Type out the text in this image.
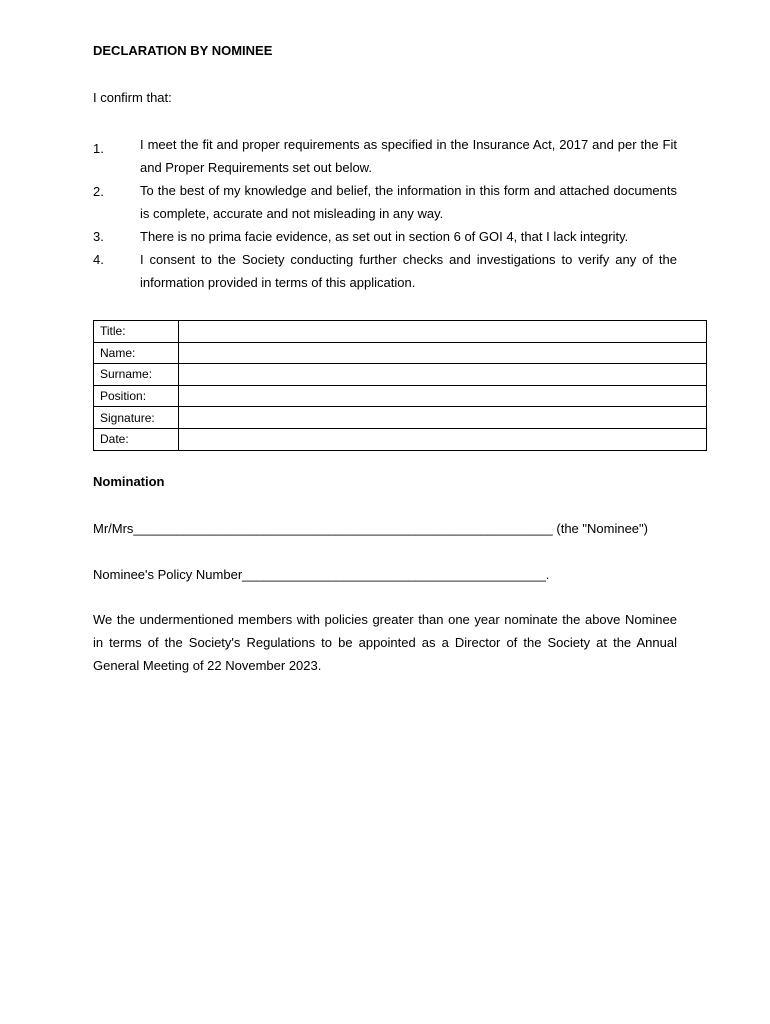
DECLARATION BY NOMINEE

I confirm that:

1.	I meet the fit and proper requirements as specified in the Insurance Act, 2017 and per the Fit and Proper Requirements set out below.
2.	To the best of my knowledge and belief, the information in this form and attached documents is complete, accurate and not misleading in any way.
3.	There is no prima facie evidence, as set out in section 6 of GOI 4, that I lack integrity.
4.	I consent to the Society conducting further checks and investigations to verify any of the information provided in terms of this application.
Title:	
Name:	
Surname:	
Position:	
Signature:	
Date:	

Nomination

Mr/Mrs__________________________________________________________ (the "Nominee")

Nominee's Policy Number__________________________________________.

We the undermentioned members with policies greater than one year nominate the above Nominee in terms of the Society's Regulations to be appointed as a Director of the Society at the Annual General Meeting of 22 November 2023.
